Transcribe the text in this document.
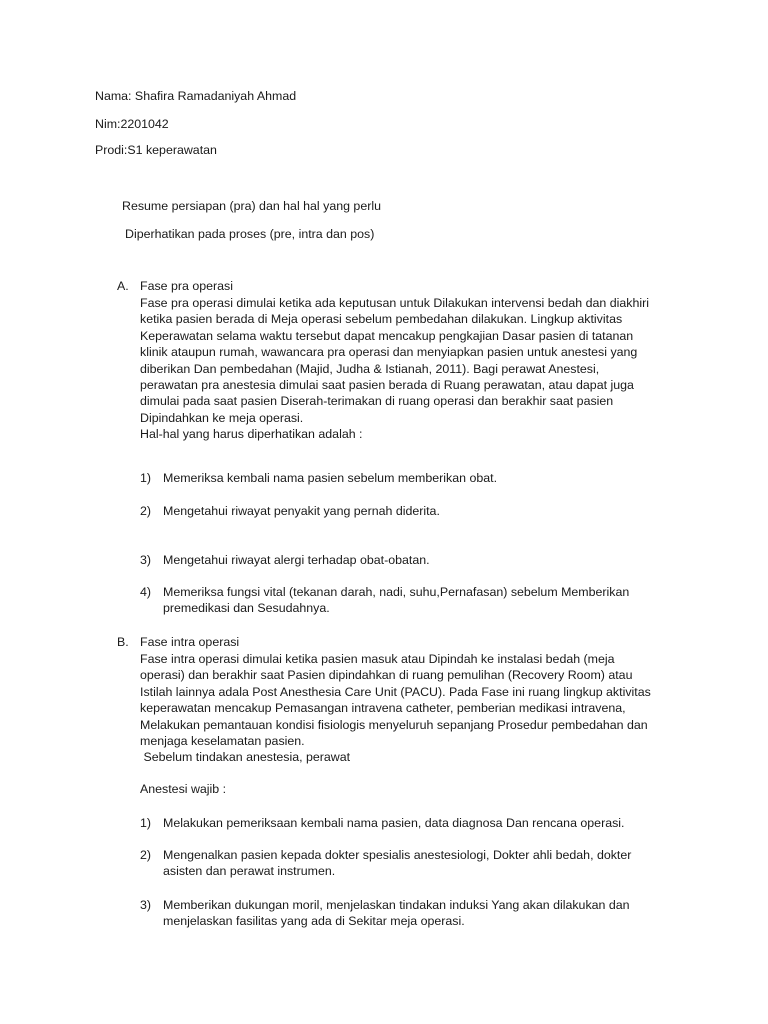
Nama: Shafira Ramadaniyah Ahmad

Nim:2201042

Prodi:S1 keperawatan

Resume persiapan (pra) dan hal hal yang perlu

Diperhatikan pada proses (pre, intra dan pos)

A. Fase pra operasi

Fase pra operasi dimulai ketika ada keputusan untuk Dilakukan intervensi bedah dan diakhiri
ketika pasien berada di Meja operasi sebelum pembedahan dilakukan. Lingkup aktivitas
Keperawatan selama waktu tersebut dapat mencakup pengkajian Dasar pasien di tatanan
klinik ataupun rumah, wawancara pra operasi dan menyiapkan pasien untuk anestesi yang
diberikan Dan pembedahan (Majid, Judha & Istianah, 2011). Bagi perawat Anestesi,
perawatan pra anestesia dimulai saat pasien berada di Ruang perawatan, atau dapat juga
dimulai pada saat pasien Diserah-terimakan di ruang operasi dan berakhir saat pasien
Dipindahkan ke meja operasi.
Hal-hal yang harus diperhatikan adalah :
1) Memeriksa kembali nama pasien sebelum memberikan obat.
2) Mengetahui riwayat penyakit yang pernah diderita.
3) Mengetahui riwayat alergi terhadap obat-obatan.
4) Memeriksa fungsi vital (tekanan darah, nadi, suhu,Pernafasan) sebelum Memberikan
premedikasi dan Sesudahnya.

B. Fase intra operasi

Fase intra operasi dimulai ketika pasien masuk atau Dipindah ke instalasi bedah (meja
operasi) dan berakhir saat Pasien dipindahkan di ruang pemulihan (Recovery Room) atau
Istilah lainnya adala Post Anesthesia Care Unit (PACU). Pada Fase ini ruang lingkup aktivitas
keperawatan mencakup Pemasangan intravena catheter, pemberian medikasi intravena,
Melakukan pemantauan kondisi fisiologis menyeluruh sepanjang Prosedur pembedahan dan
menjaga keselamatan pasien.
Sebelum tindakan anestesia, perawat

Anestesi wajib :

1) Melakukan pemeriksaan kembali nama pasien, data diagnosa Dan rencana operasi.
2) Mengenalkan pasien kepada dokter spesialis anestesiologi, Dokter ahli bedah, dokter
asisten dan perawat instrumen.
3) Memberikan dukungan moril, menjelaskan tindakan induksi Yang akan dilakukan dan
menjelaskan fasilitas yang ada di Sekitar meja operasi.
